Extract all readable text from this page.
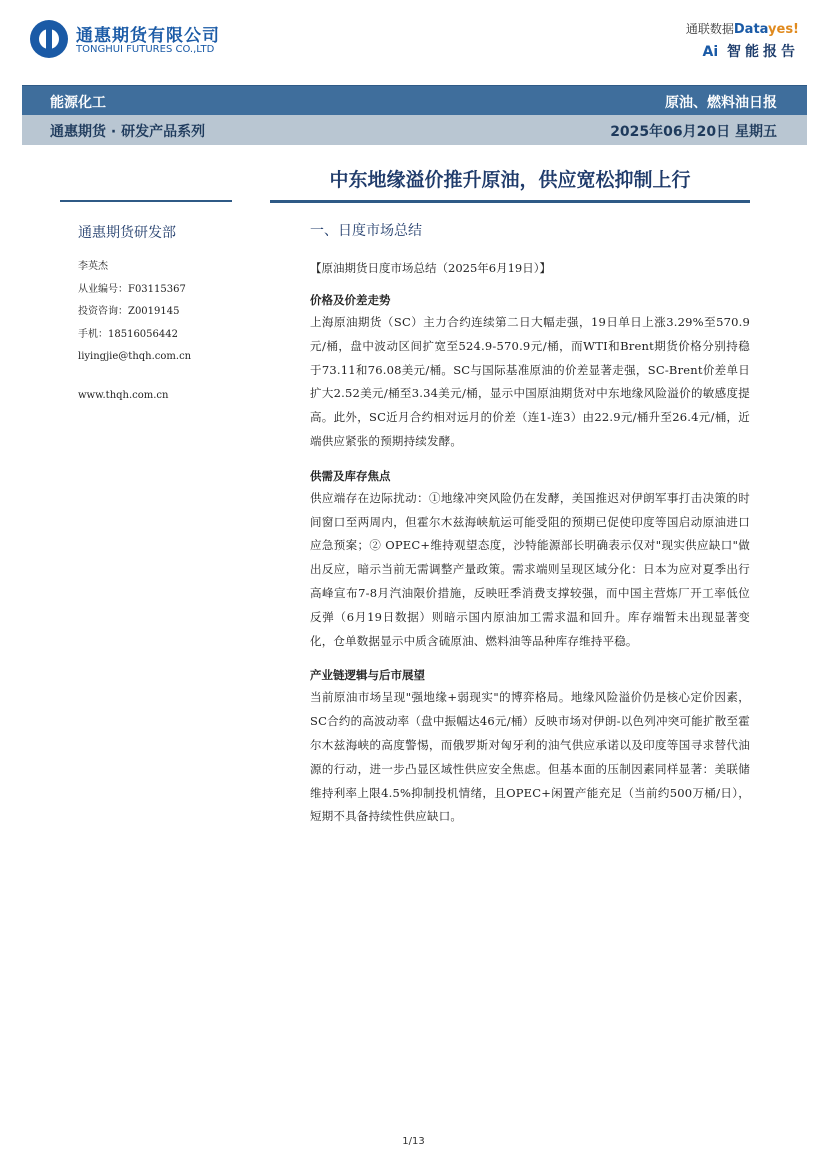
通惠期货有限公司
TONGHUI FUTURES CO.,LTD
通联数据Datayes!
Ai 智能报告
能源化工	原油、燃料油日报
通惠期货 · 研发产品系列	2025年06月20日 星期五
中东地缘溢价推升原油，供应宽松抑制上行
通惠期货研发部
李英杰
从业编号：F03115367
投资咨询：Z0019145
手机：18516056442
liyingjie@thqh.com.cn
www.thqh.com.cn
一、日度市场总结
【原油期货日度市场总结（2025年6月19日）】
价格及价差走势

上海原油期货（SC）主力合约连续第二日大幅走强，19日单日上涨3.29%至570.9元/桶，盘中波动区间扩宽至524.9-570.9元/桶，而WTI和Brent期货价格分别持稳于73.11和76.08美元/桶。SC与国际基准原油的价差显著走强，SC-Brent价差单日扩大2.52美元/桶至3.34美元/桶，显示中国原油期货对中东地缘风险溢价的敏感度提高。此外，SC近月合约相对远月的价差（连1-连3）由22.9元/桶升至26.4元/桶，近端供应紧张的预期持续发酵。

供需及库存焦点

供应端存在边际扰动：①地缘冲突风险仍在发酵，美国推迟对伊朗军事打击决策的时间窗口至两周内，但霍尔木兹海峡航运可能受阻的预期已促使印度等国启动原油进口应急预案；② OPEC+维持观望态度，沙特能源部长明确表示仅对"现实供应缺口"做出反应，暗示当前无需调整产量政策。需求端则呈现区域分化：日本为应对夏季出行高峰宣布7-8月汽油限价措施，反映旺季消费支撑较强，而中国主营炼厂开工率低位反弹（6月19日数据）则暗示国内原油加工需求温和回升。库存端暂未出现显著变化，仓单数据显示中质含硫原油、燃料油等品种库存维持平稳。

产业链逻辑与后市展望

当前原油市场呈现"强地缘+弱现实"的博弈格局。地缘风险溢价仍是核心定价因素，SC合约的高波动率（盘中振幅达46元/桶）反映市场对伊朗-以色列冲突可能扩散至霍尔木兹海峡的高度警惕，而俄罗斯对匈牙利的油气供应承诺以及印度等国寻求替代油源的行动，进一步凸显区域性供应安全焦虑。但基本面的压制因素同样显著：美联储维持利率上限4.5%抑制投机情绪，且OPEC+闲置产能充足（当前约500万桶/日），短期不具备持续性供应缺口。

1/13
